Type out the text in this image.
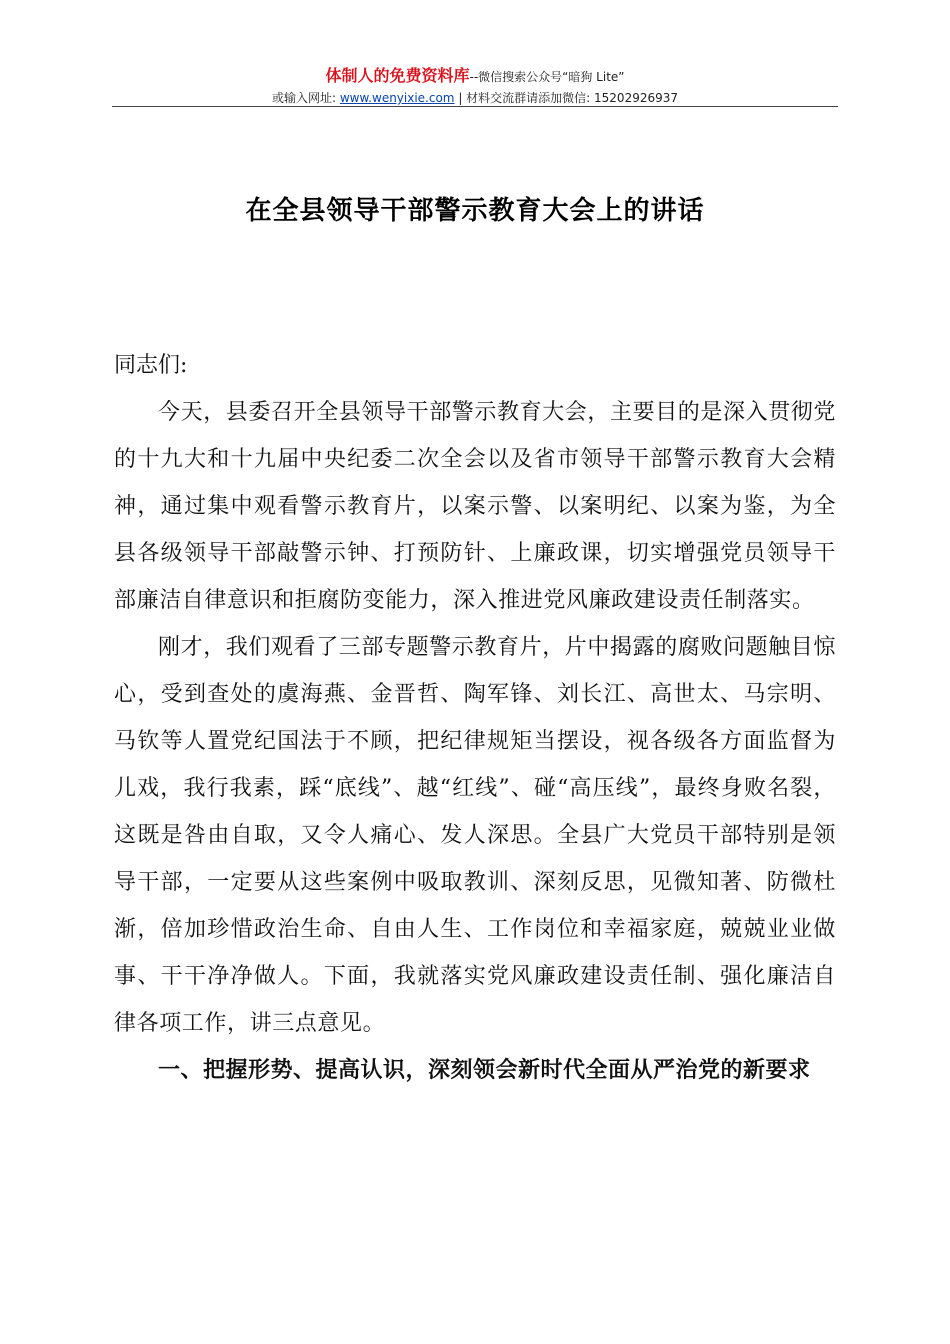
体制人的免费资料库--微信搜索公众号“暗狗 Lite”
或输入网址: www.wenyixie.com | 材料交流群请添加微信: 15202926937
在全县领导干部警示教育大会上的讲话

同志们:

今天，县委召开全县领导干部警示教育大会，主要目的是深入贯彻党的十九大和十九届中央纪委二次全会以及省市领导干部警示教育大会精神，通过集中观看警示教育片，以案示警、以案明纪、以案为鉴，为全县各级领导干部敲警示钟、打预防针、上廉政课，切实增强党员领导干部廉洁自律意识和拒腐防变能力，深入推进党风廉政建设责任制落实。

刚才，我们观看了三部专题警示教育片，片中揭露的腐败问题触目惊心，受到查处的虞海燕、金晋哲、陶军锋、刘长江、高世太、马宗明、马钦等人置党纪国法于不顾，把纪律规矩当摆设，视各级各方面监督为儿戏，我行我素，踩“底线”、越“红线”、碰“高压线”，最终身败名裂，这既是咎由自取，又令人痛心、发人深思。全县广大党员干部特别是领导干部，一定要从这些案例中吸取教训、深刻反思，见微知著、防微杜渐，倍加珍惜政治生命、自由人生、工作岗位和幸福家庭，兢兢业业做事、干干净净做人。下面，我就落实党风廉政建设责任制、强化廉洁自律各项工作，讲三点意见。

一、把握形势、提高认识，深刻领会新时代全面从严治党的新要求
